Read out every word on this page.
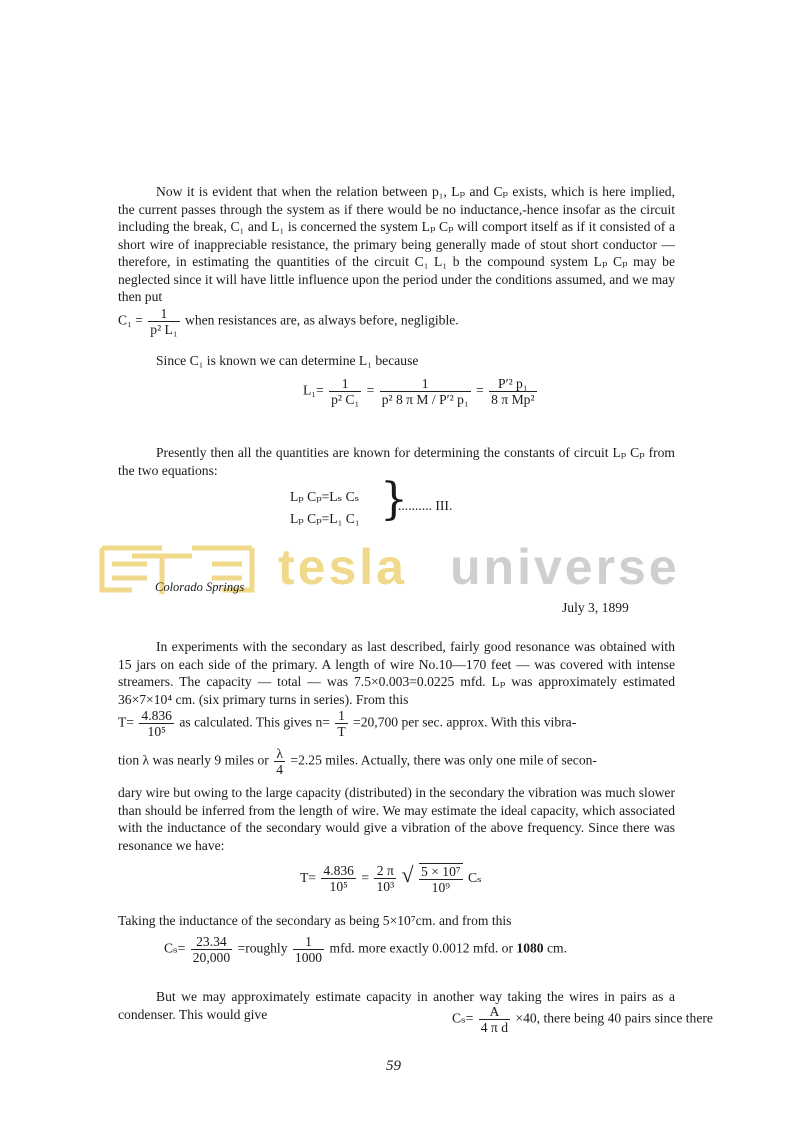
Now it is evident that when the relation between p₁, Lₚ and Cₚ exists, which is here implied, the current passes through the system as if there would be no inductance,-hence insofar as the circuit including the break, C₁ and L₁ is concerned the system Lₚ Cₚ will comport itself as if it consisted of a short wire of inappreciable resistance, the primary being generally made of stout short conductor — therefore, in estimating the quantities of the circuit C₁ L₁ b the compound system Lₚ Cₚ may be neglected since it will have little influence upon the period under the conditions assumed, and we may then put
$C_1 = \frac{1}{\text{p² L₁}}$ when resistances are, as always before, negligible.
Since C₁ is known we can determine L₁ because
$L_1= \frac{1}{\text{p² C₁}} = \frac{1}{\text{p² 8 π M / P′² p₁}} = \frac{\text{P′² p₁}}{\text{8 π Mp²}}$
Presently then all the quantities are known for determining the constants of circuit Lₚ Cₚ from the two equations:
Lₚ Cₚ=Lₛ Cₛ
Lₚ Cₚ=L₁ C₁ }
.......... III.
tesla universe
Colorado Springs
July 3, 1899
In experiments with the secondary as last described, fairly good resonance was obtained with 15 jars on each side of the primary. A length of wire No.10—170 feet — was covered with intense streamers. The capacity — total — was 7.5×0.003=0.0225 mfd. Lₚ was approximately estimated 36×7×10⁴ cm. (six primary turns in series). From this
$T= \frac{4.836}{\text{10⁵}}$ as calculated. This gives $n= \frac{1}{T} =20,700$ per sec. approx. With this vibra-
tion λ was nearly 9 miles or $\frac{\lambda}{4} =2.25$ miles. Actually, there was only one mile of secon-
dary wire but owing to the large capacity (distributed) in the secondary the vibration was much slower than should be inferred from the length of wire. We may estimate the ideal capacity, which associated with the inductance of the secondary would give a vibration of the above frequency. Since there was resonance we have:
$T= \frac{4.836}{\text{10⁵}} = \frac{2 \pi}{\text{10³}}$ √ $\frac{\text{5 × 10⁷}}{\text{10⁹}}$ Cₛ
Taking the inductance of the secondary as being 5×10⁷cm. and from this
$C_s= \frac{23.34}{20,000}$ =roughly $\frac{1}{1000}$ mfd. more exactly 0.0012 mfd. or 1080 cm.
But we may approximately estimate capacity in another way taking the wires in pairs as a condenser. This would give	$C_s= \frac{A}{\text{4 π d}} \times 40$, there being 40 pairs since there
59
